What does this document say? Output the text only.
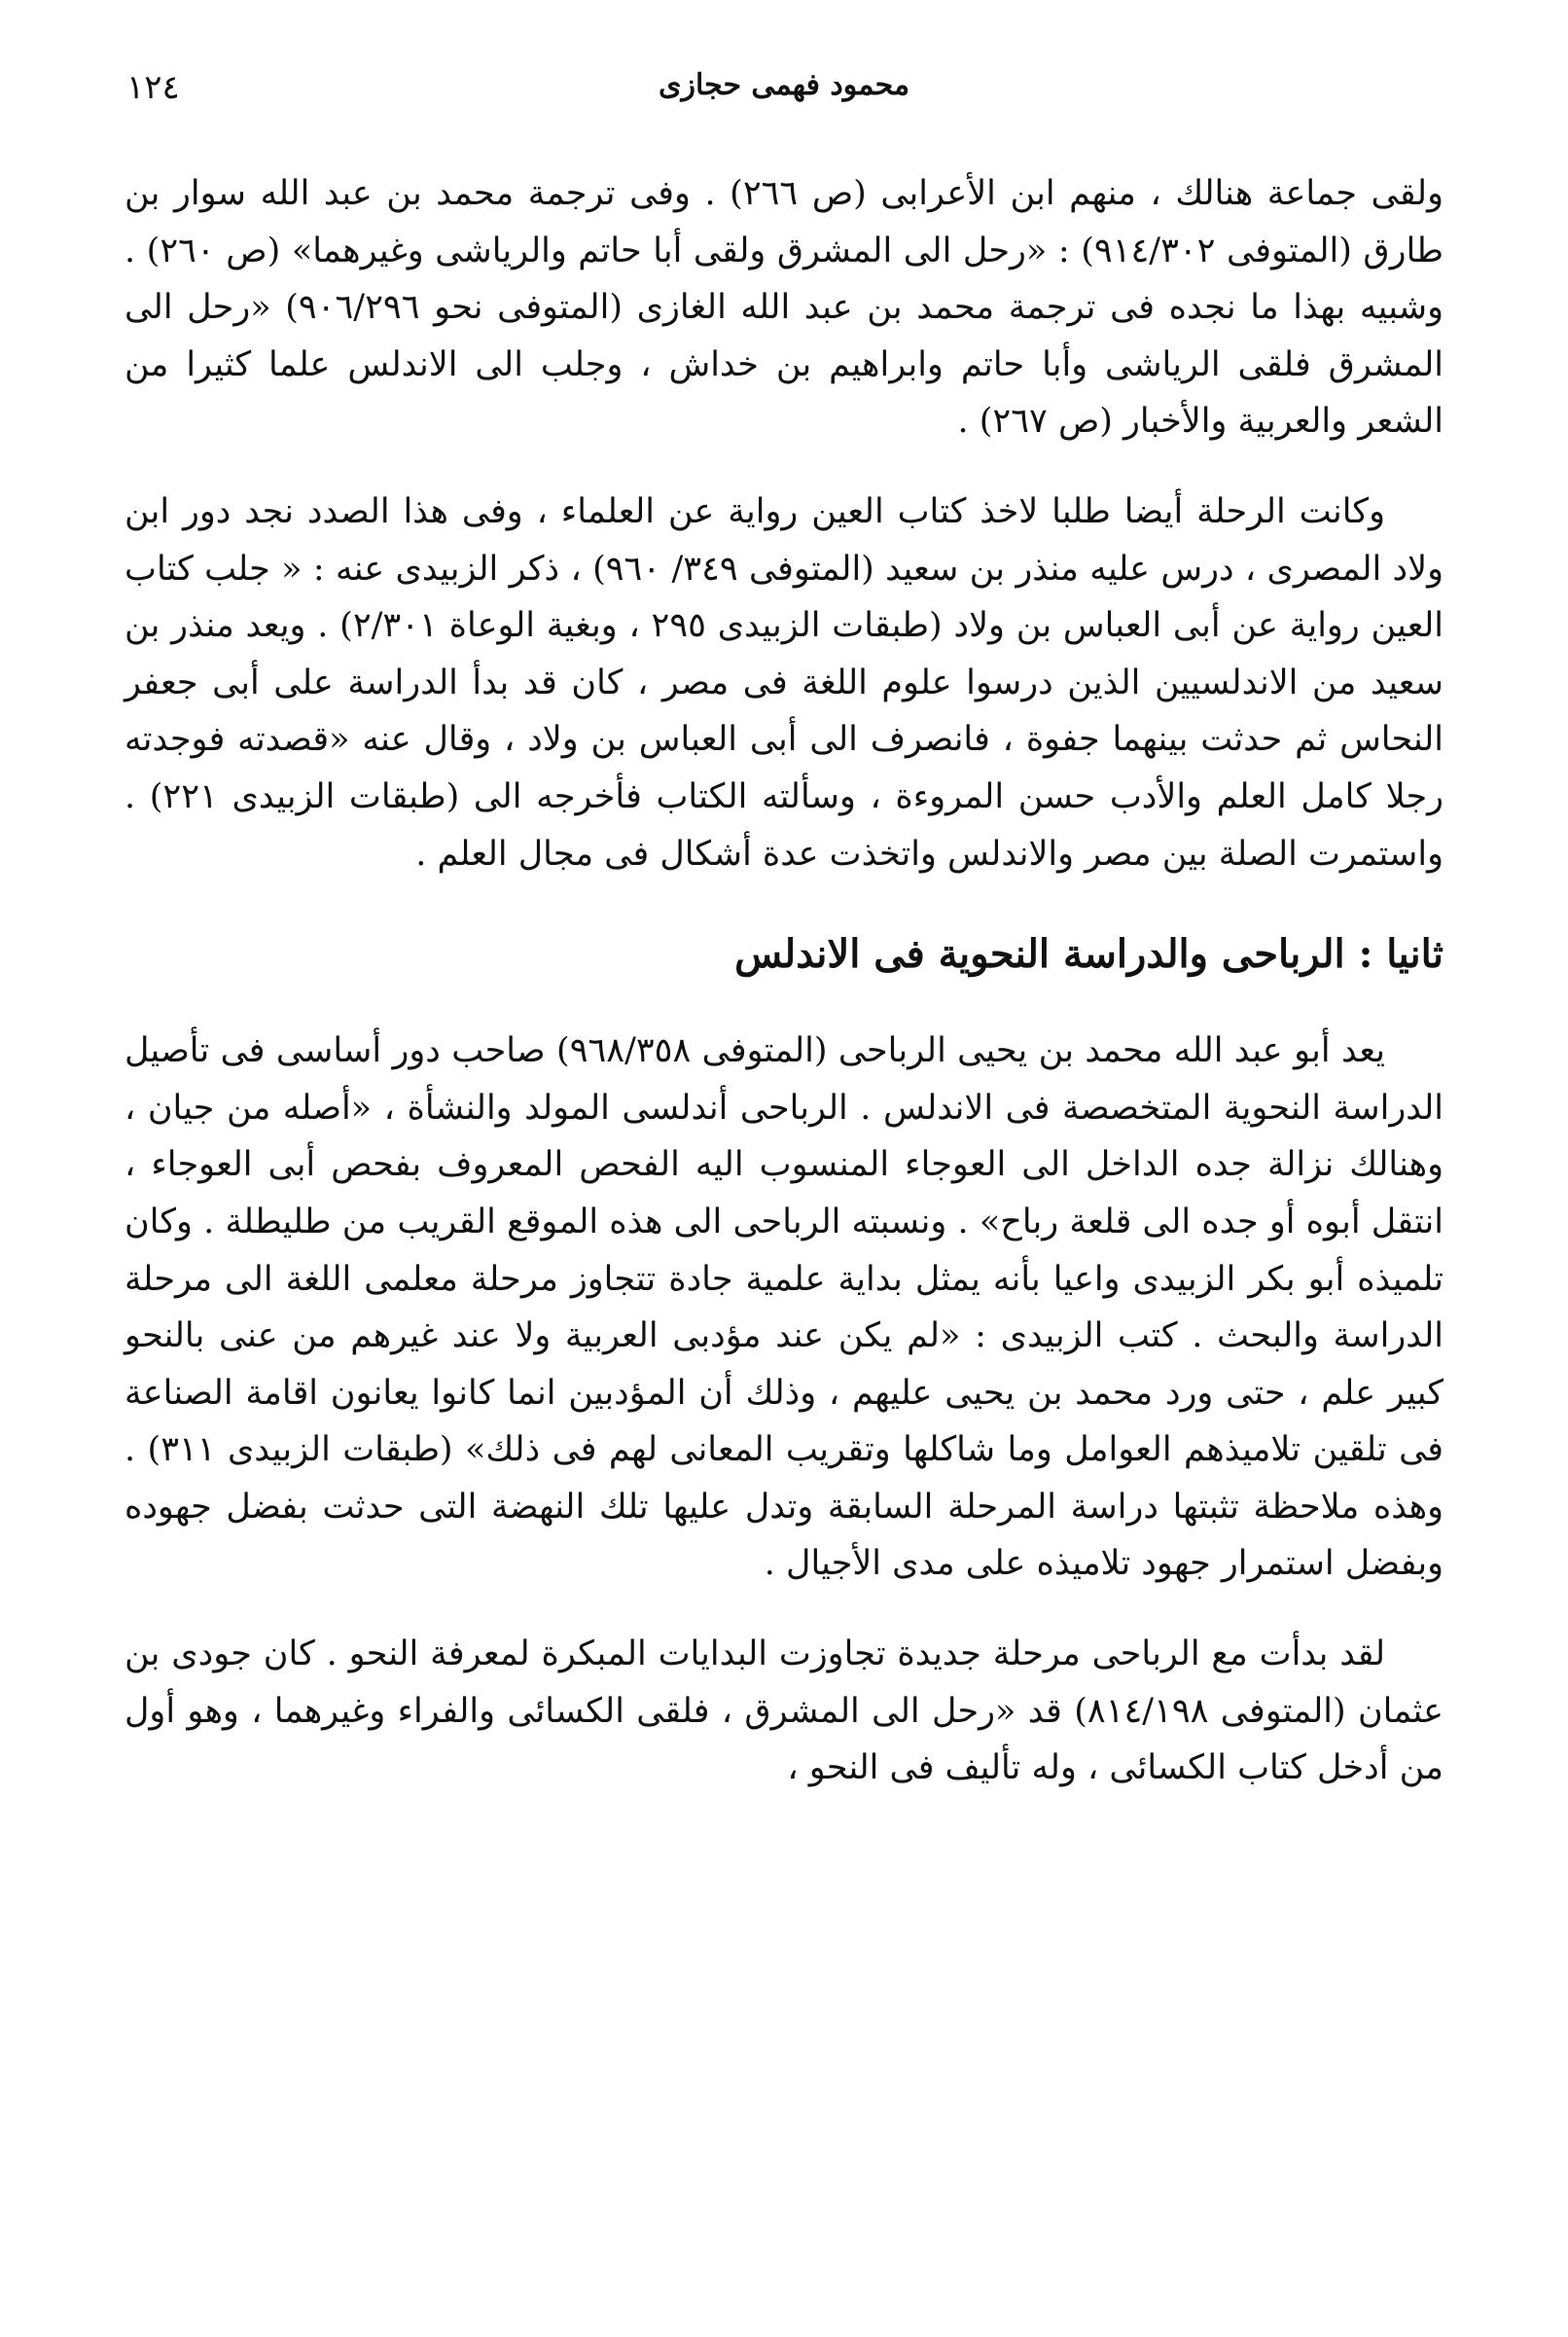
١٢٤	محمود فهمى حجازى

ولقى جماعة هنالك ، منهم ابن الأعرابى (ص ٢٦٦) . وفى ترجمة محمد بن عبد الله سوار بن طارق (المتوفى ٩١٤/٣٠٢) : «رحل الى المشرق ولقى أبا حاتم والرياشى وغيرهما» (ص ٢٦٠) . وشبيه بهذا ما نجده فى ترجمة محمد بن عبد الله الغازى (المتوفى نحو ٩٠٦/٢٩٦) «رحل الى المشرق فلقى الرياشى وأبا حاتم وابراهيم بن خداش ، وجلب الى الاندلس علما كثيرا من الشعر والعربية والأخبار (ص ٢٦٧) .

وكانت الرحلة أيضا طلبا لاخذ كتاب العين رواية عن العلماء ، وفى هذا الصدد نجد دور ابن ولاد المصرى ، درس عليه منذر بن سعيد (المتوفى ٣٤٩/ ٩٦٠) ، ذكر الزبيدى عنه : « جلب كتاب العين رواية عن أبى العباس بن ولاد (طبقات الزبيدى ٢٩٥ ، وبغية الوعاة ٢/٣٠١) . ويعد منذر بن سعيد من الاندلسيين الذين درسوا علوم اللغة فى مصر ، كان قد بدأ الدراسة على أبى جعفر النحاس ثم حدثت بينهما جفوة ، فانصرف الى أبى العباس بن ولاد ، وقال عنه «قصدته فوجدته رجلا كامل العلم والأدب حسن المروءة ، وسألته الكتاب فأخرجه الى (طبقات الزبيدى ٢٢١) . واستمرت الصلة بين مصر والاندلس واتخذت عدة أشكال فى مجال العلم .

ثانيا : الرباحى والدراسة النحوية فى الاندلس

يعد أبو عبد الله محمد بن يحيى الرباحى (المتوفى ٩٦٨/٣٥٨) صاحب دور أساسى فى تأصيل الدراسة النحوية المتخصصة فى الاندلس . الرباحى أندلسى المولد والنشأة ، «أصله من جيان ، وهنالك نزالة جده الداخل الى العوجاء المنسوب اليه الفحص المعروف بفحص أبى العوجاء ، انتقل أبوه أو جده الى قلعة رباح» . ونسبته الرباحى الى هذه الموقع القريب من طليطلة . وكان تلميذه أبو بكر الزبيدى واعيا بأنه يمثل بداية علمية جادة تتجاوز مرحلة معلمى اللغة الى مرحلة الدراسة والبحث . كتب الزبيدى : «لم يكن عند مؤدبى العربية ولا عند غيرهم من عنى بالنحو كبير علم ، حتى ورد محمد بن يحيى عليهم ، وذلك أن المؤدبين انما كانوا يعانون اقامة الصناعة فى تلقين تلاميذهم العوامل وما شاكلها وتقريب المعانى لهم فى ذلك» (طبقات الزبيدى ٣١١) . وهذه ملاحظة تثبتها دراسة المرحلة السابقة وتدل عليها تلك النهضة التى حدثت بفضل جهوده وبفضل استمرار جهود تلاميذه على مدى الأجيال .

لقد بدأت مع الرباحى مرحلة جديدة تجاوزت البدايات المبكرة لمعرفة النحو . كان جودى بن عثمان (المتوفى ٨١٤/١٩٨) قد «رحل الى المشرق ، فلقى الكسائى والفراء وغيرهما ، وهو أول من أدخل كتاب الكسائى ، وله تأليف فى النحو ،
